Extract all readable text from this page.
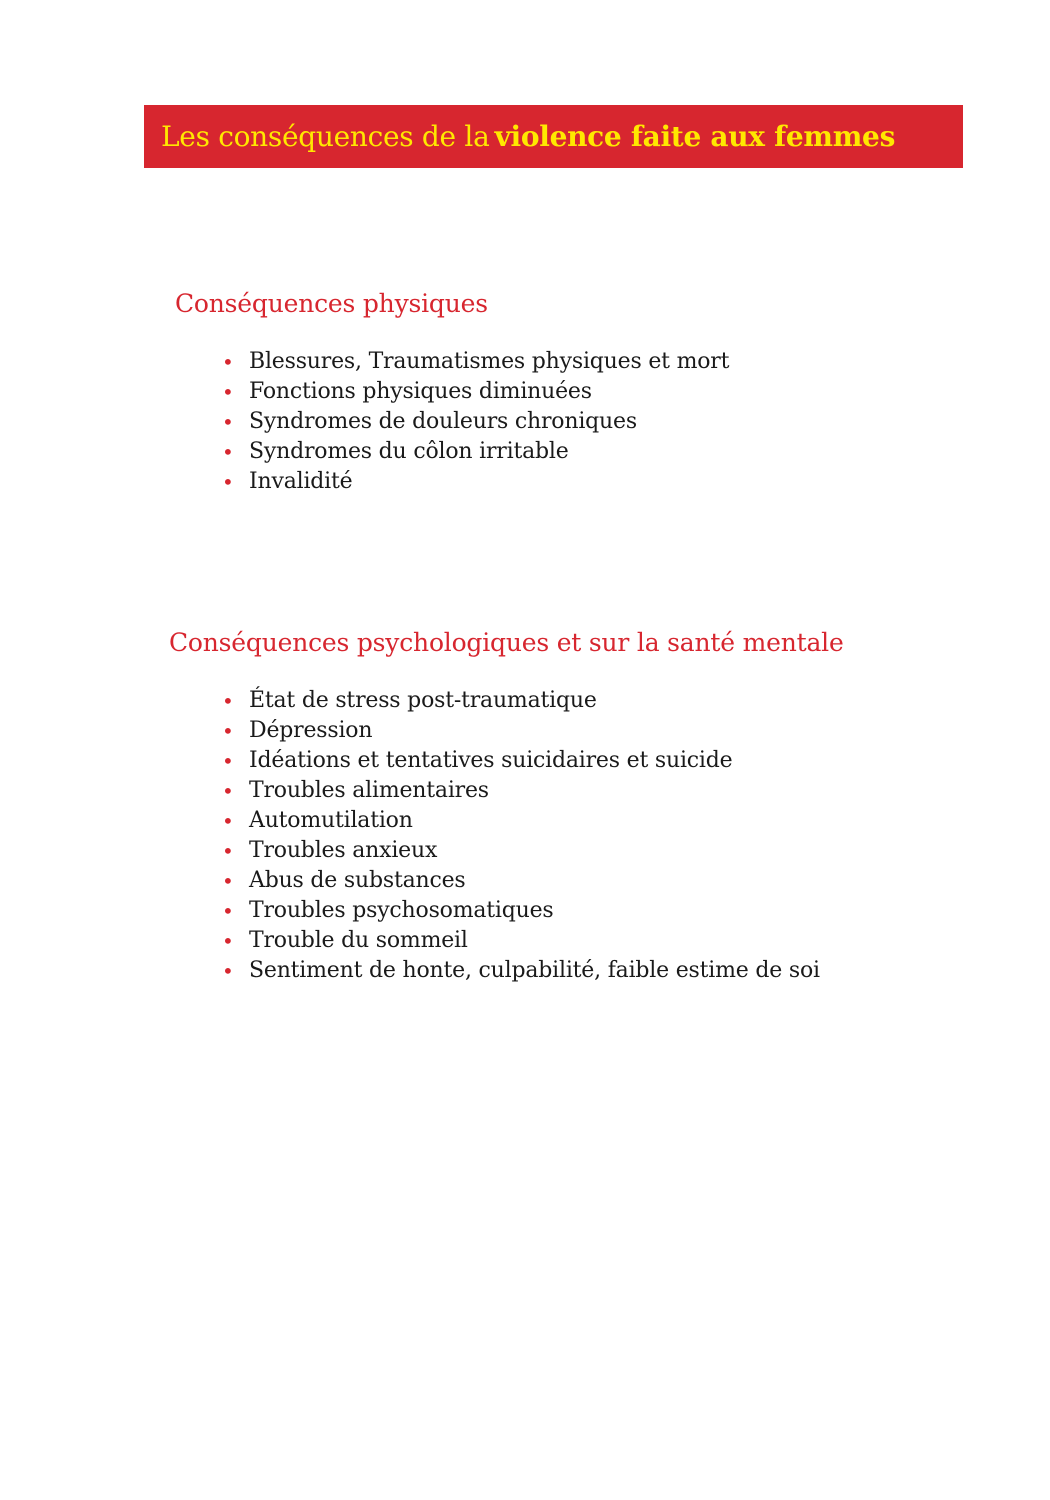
Les conséquences de la
violence faite aux femmes
Conséquences physiques
• Blessures, Traumatismes physiques et mort
• Fonctions physiques diminuées
• Syndromes de douleurs chroniques
• Syndromes du côlon irritable
• Invalidité
Conséquences psychologiques et sur la santé mentale
• État de stress post-traumatique
• Dépression
• Idéations et tentatives suicidaires et suicide
• Troubles alimentaires
• Automutilation
• Troubles anxieux
• Abus de substances
• Troubles psychosomatiques
• Trouble du sommeil
• Sentiment de honte, culpabilité, faible estime de soi
